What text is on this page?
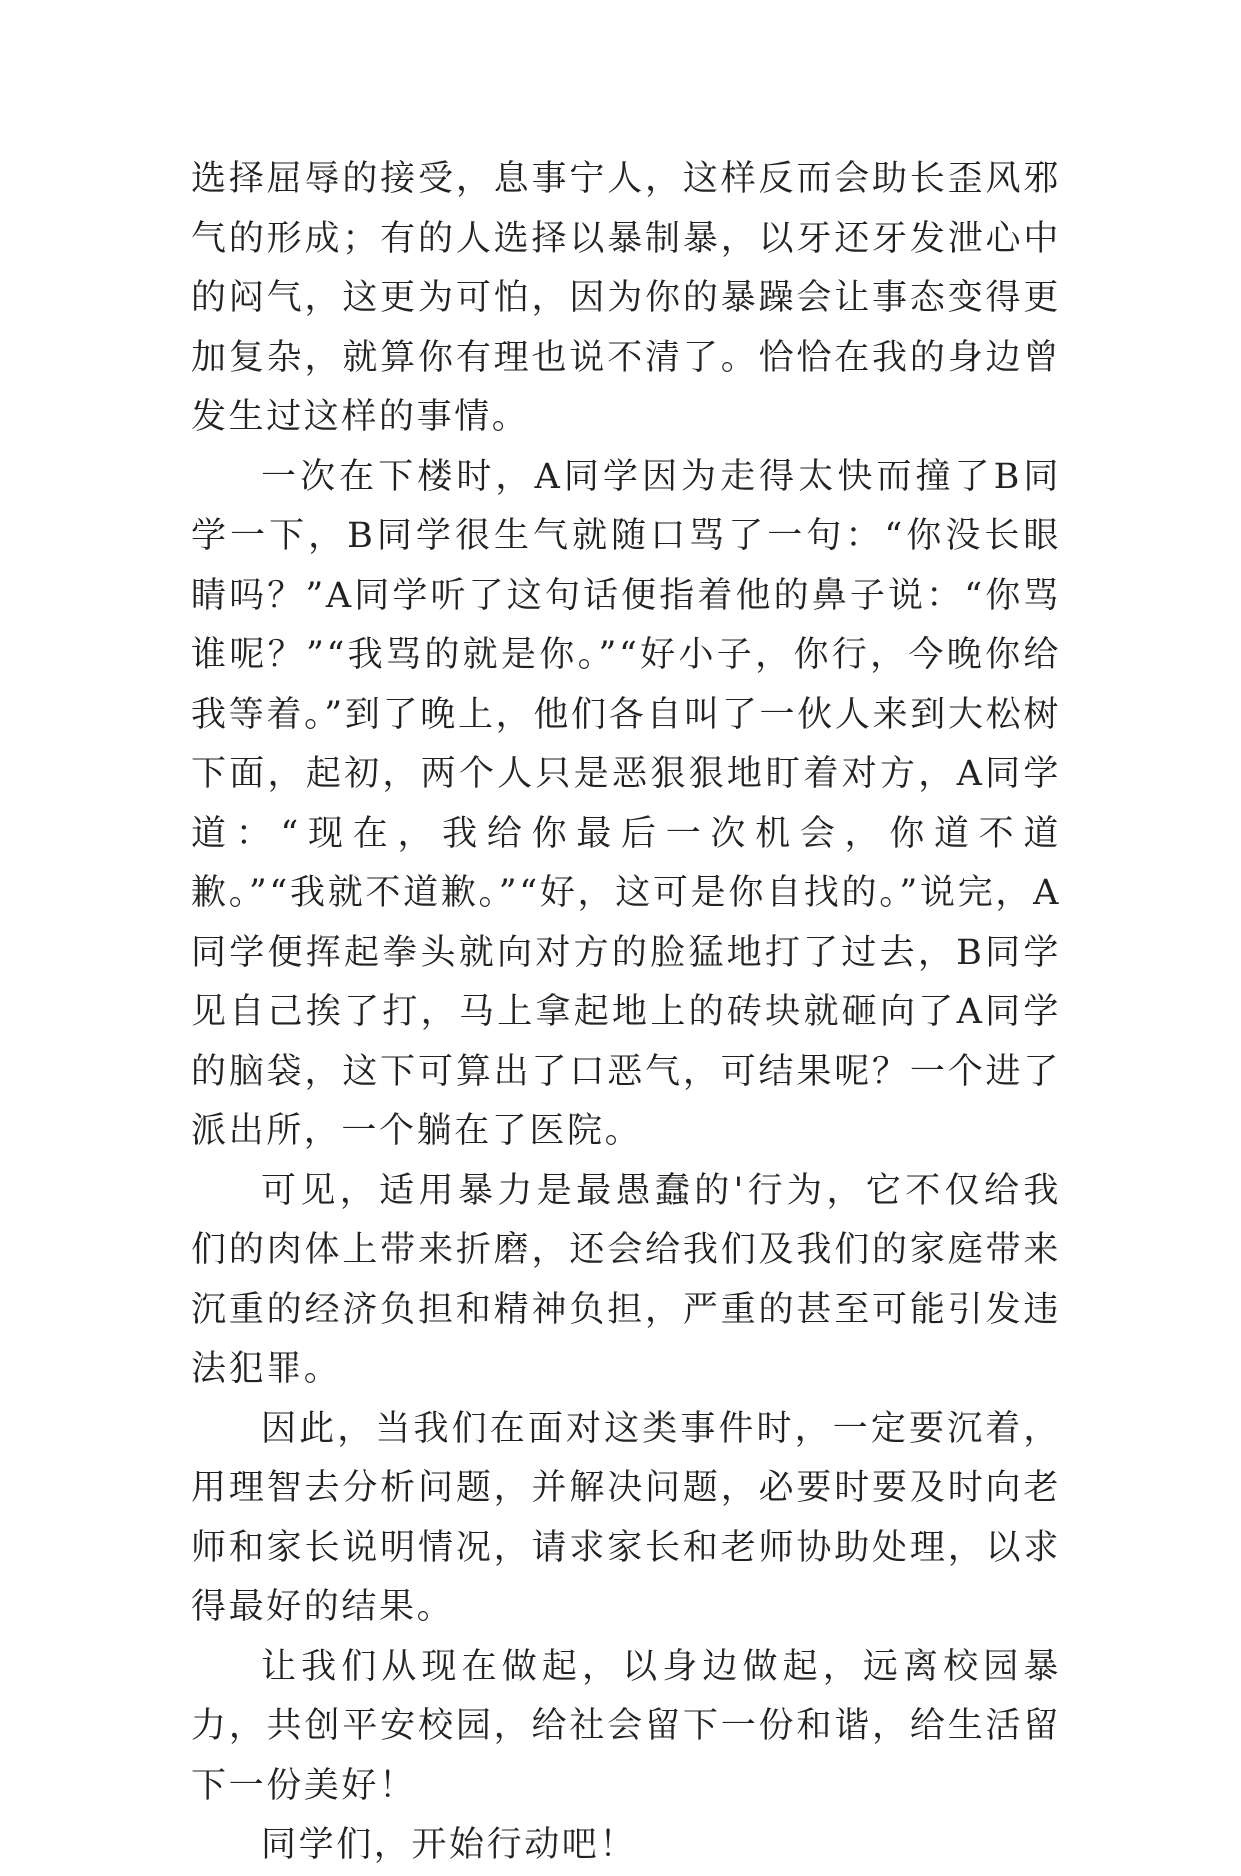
选择屈辱的接受，息事宁人，这样反而会助长歪风邪气的形成；有的人选择以暴制暴，以牙还牙发泄心中的闷气，这更为可怕，因为你的暴躁会让事态变得更加复杂，就算你有理也说不清了。恰恰在我的身边曾发生过这样的事情。

一次在下楼时，A同学因为走得太快而撞了B同学一下，B同学很生气就随口骂了一句：“你没长眼睛吗？”A同学听了这句话便指着他的鼻子说：“你骂谁呢？”“我骂的就是你。”“好小子，你行，今晚你给我等着。”到了晚上，他们各自叫了一伙人来到大松树下面，起初，两个人只是恶狠狠地盯着对方，A同学道：“现在，我给你最后一次机会，你道不道歉。”“我就不道歉。”“好，这可是你自找的。”说完，A同学便挥起拳头就向对方的脸猛地打了过去，B同学见自己挨了打，马上拿起地上的砖块就砸向了A同学的脑袋，这下可算出了口恶气，可结果呢？一个进了派出所，一个躺在了医院。

可见，适用暴力是最愚蠢的'行为，它不仅给我们的肉体上带来折磨，还会给我们及我们的家庭带来沉重的经济负担和精神负担，严重的甚至可能引发违法犯罪。

因此，当我们在面对这类事件时，一定要沉着，用理智去分析问题，并解决问题，必要时要及时向老师和家长说明情况，请求家长和老师协助处理，以求得最好的结果。

让我们从现在做起，以身边做起，远离校园暴力，共创平安校园，给社会留下一份和谐，给生活留下一份美好！

同学们，开始行动吧！
